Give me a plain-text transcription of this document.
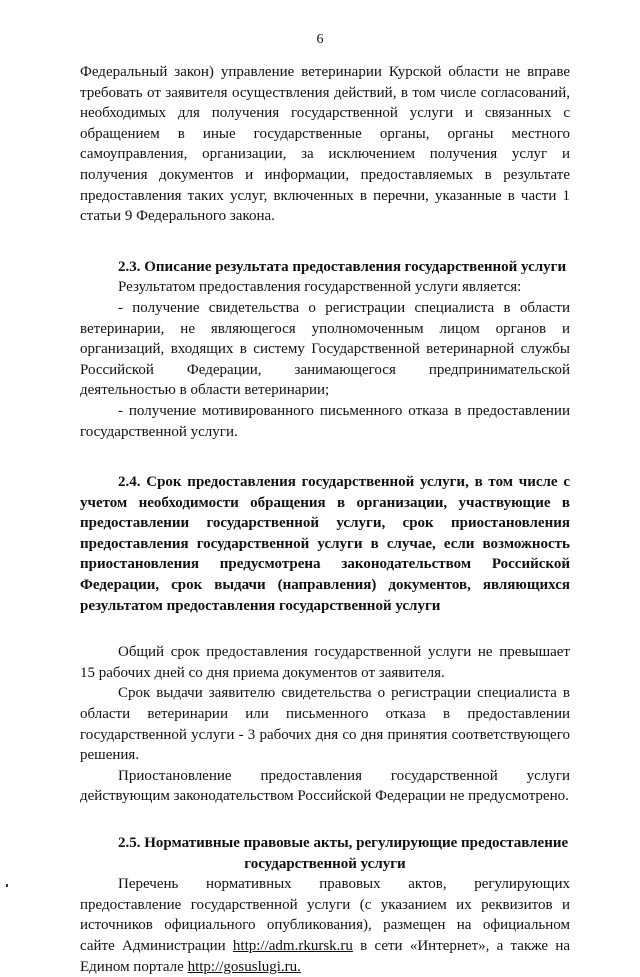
6

Федеральный закон) управление ветеринарии Курской области не вправе требовать от заявителя осуществления действий, в том числе согласований, необходимых для получения государственной услуги и связанных с обращением в иные государственные органы, органы местного самоуправления, организации, за исключением получения услуг и получения документов и информации, предоставляемых в результате предоставления таких услуг, включенных в перечни, указанные в части 1 статьи 9 Федерального закона.

2.3. Описание результата предоставления государственной услуги

Результатом предоставления государственной услуги является:

- получение свидетельства о регистрации специалиста в области ветеринарии, не являющегося уполномоченным лицом органов и организаций, входящих в систему Государственной ветеринарной службы Российской Федерации, занимающегося предпринимательской деятельностью в области ветеринарии;

- получение мотивированного письменного отказа в предоставлении государственной услуги.

2.4. Срок предоставления государственной услуги, в том числе с учетом необходимости обращения в организации, участвующие в предоставлении государственной услуги, срок приостановления предоставления государственной услуги в случае, если возможность приостановления предусмотрена законодательством Российской Федерации, срок выдачи (направления) документов, являющихся результатом предоставления государственной услуги

Общий срок предоставления государственной услуги не превышает 15 рабочих дней со дня приема документов от заявителя.

Срок выдачи заявителю свидетельства о регистрации специалиста в области ветеринарии или письменного отказа в предоставлении государственной услуги - 3 рабочих дня со дня принятия соответствующего решения.

Приостановление предоставления государственной услуги действующим законодательством Российской Федерации не предусмотрено.

2.5. Нормативные правовые акты, регулирующие предоставление

государственной услуги

Перечень нормативных правовых актов, регулирующих предоставление государственной услуги (с указанием их реквизитов и источников официального опубликования), размещен на официальном сайте Администрации http://adm.rkursk.ru в сети «Интернет», а также на Едином портале http://gosuslugi.ru.
